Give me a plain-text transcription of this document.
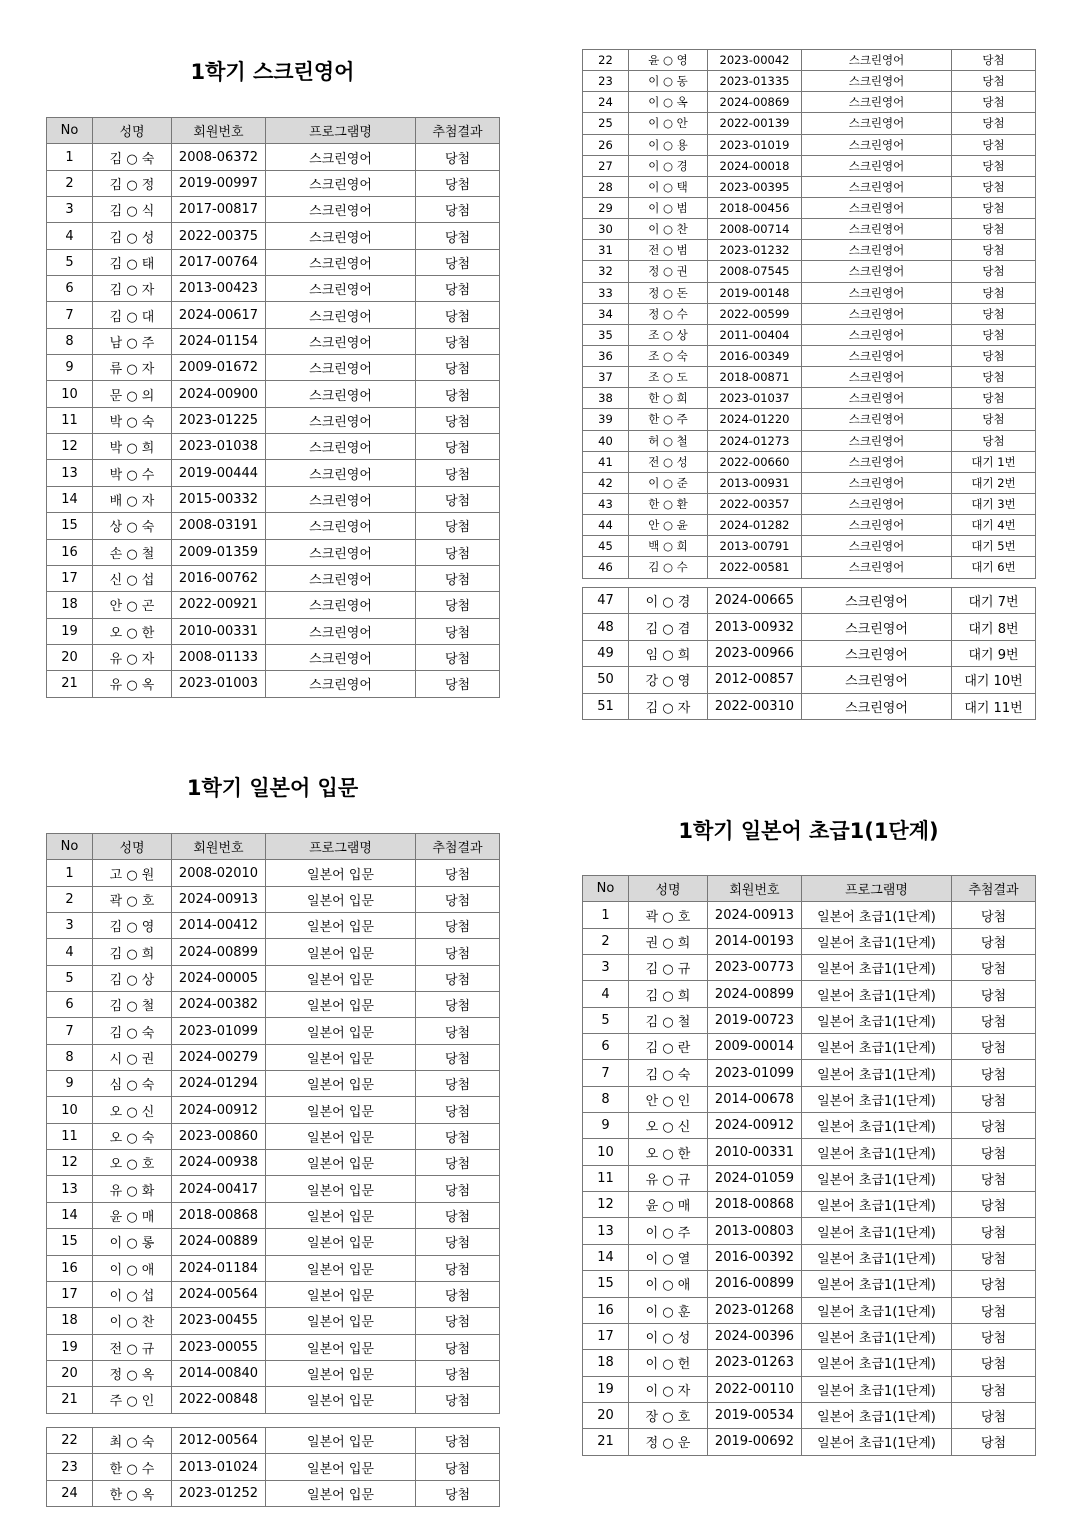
1학기 스크린영어
No	성명	회원번호	프로그램명	추첨결과
1	김 ○ 숙	2008-06372	스크린영어	당첨
2	김 ○ 정	2019-00997	스크린영어	당첨
3	김 ○ 식	2017-00817	스크린영어	당첨
4	김 ○ 성	2022-00375	스크린영어	당첨
5	김 ○ 태	2017-00764	스크린영어	당첨
6	김 ○ 자	2013-00423	스크린영어	당첨
7	김 ○ 대	2024-00617	스크린영어	당첨
8	남 ○ 주	2024-01154	스크린영어	당첨
9	류 ○ 자	2009-01672	스크린영어	당첨
10	문 ○ 의	2024-00900	스크린영어	당첨
11	박 ○ 숙	2023-01225	스크린영어	당첨
12	박 ○ 희	2023-01038	스크린영어	당첨
13	박 ○ 수	2019-00444	스크린영어	당첨
14	배 ○ 자	2015-00332	스크린영어	당첨
15	상 ○ 숙	2008-03191	스크린영어	당첨
16	손 ○ 철	2009-01359	스크린영어	당첨
17	신 ○ 섭	2016-00762	스크린영어	당첨
18	안 ○ 곤	2022-00921	스크린영어	당첨
19	오 ○ 한	2010-00331	스크린영어	당첨
20	유 ○ 자	2008-01133	스크린영어	당첨
21	유 ○ 옥	2023-01003	스크린영어	당첨
22	윤 ○ 영	2023-00042	스크린영어	당첨
23	이 ○ 동	2023-01335	스크린영어	당첨
24	이 ○ 옥	2024-00869	스크린영어	당첨
25	이 ○ 안	2022-00139	스크린영어	당첨
26	이 ○ 용	2023-01019	스크린영어	당첨
27	이 ○ 경	2024-00018	스크린영어	당첨
28	이 ○ 택	2023-00395	스크린영어	당첨
29	이 ○ 범	2018-00456	스크린영어	당첨
30	이 ○ 찬	2008-00714	스크린영어	당첨
31	전 ○ 범	2023-01232	스크린영어	당첨
32	정 ○ 권	2008-07545	스크린영어	당첨
33	정 ○ 돈	2019-00148	스크린영어	당첨
34	정 ○ 수	2022-00599	스크린영어	당첨
35	조 ○ 상	2011-00404	스크린영어	당첨
36	조 ○ 숙	2016-00349	스크린영어	당첨
37	조 ○ 도	2018-00871	스크린영어	당첨
38	한 ○ 희	2023-01037	스크린영어	당첨
39	한 ○ 주	2024-01220	스크린영어	당첨
40	허 ○ 철	2024-01273	스크린영어	당첨
41	전 ○ 성	2022-00660	스크린영어	대기 1번
42	이 ○ 준	2013-00931	스크린영어	대기 2번
43	한 ○ 환	2022-00357	스크린영어	대기 3번
44	안 ○ 윤	2024-01282	스크린영어	대기 4번
45	백 ○ 희	2013-00791	스크린영어	대기 5번
46	김 ○ 수	2022-00581	스크린영어	대기 6번
47	이 ○ 경	2024-00665	스크린영어	대기 7번
48	김 ○ 겸	2013-00932	스크린영어	대기 8번
49	임 ○ 희	2023-00966	스크린영어	대기 9번
50	강 ○ 영	2012-00857	스크린영어	대기 10번
51	김 ○ 자	2022-00310	스크린영어	대기 11번
1학기 일본어 입문
No	성명	회원번호	프로그램명	추첨결과
1	고 ○ 원	2008-02010	일본어 입문	당첨
2	곽 ○ 호	2024-00913	일본어 입문	당첨
3	김 ○ 영	2014-00412	일본어 입문	당첨
4	김 ○ 희	2024-00899	일본어 입문	당첨
5	김 ○ 상	2024-00005	일본어 입문	당첨
6	김 ○ 철	2024-00382	일본어 입문	당첨
7	김 ○ 숙	2023-01099	일본어 입문	당첨
8	시 ○ 권	2024-00279	일본어 입문	당첨
9	심 ○ 숙	2024-01294	일본어 입문	당첨
10	오 ○ 신	2024-00912	일본어 입문	당첨
11	오 ○ 숙	2023-00860	일본어 입문	당첨
12	오 ○ 호	2024-00938	일본어 입문	당첨
13	유 ○ 화	2024-00417	일본어 입문	당첨
14	윤 ○ 매	2018-00868	일본어 입문	당첨
15	이 ○ 롱	2024-00889	일본어 입문	당첨
16	이 ○ 애	2024-01184	일본어 입문	당첨
17	이 ○ 섭	2024-00564	일본어 입문	당첨
18	이 ○ 찬	2023-00455	일본어 입문	당첨
19	전 ○ 규	2023-00055	일본어 입문	당첨
20	정 ○ 옥	2014-00840	일본어 입문	당첨
21	주 ○ 인	2022-00848	일본어 입문	당첨
22	최 ○ 숙	2012-00564	일본어 입문	당첨
23	한 ○ 수	2013-01024	일본어 입문	당첨
24	한 ○ 옥	2023-01252	일본어 입문	당첨
1학기 일본어 초급1(1단계)
No	성명	회원번호	프로그램명	추첨결과
1	곽 ○ 호	2024-00913	일본어 초급1(1단계)	당첨
2	권 ○ 희	2014-00193	일본어 초급1(1단계)	당첨
3	김 ○ 규	2023-00773	일본어 초급1(1단계)	당첨
4	김 ○ 희	2024-00899	일본어 초급1(1단계)	당첨
5	김 ○ 철	2019-00723	일본어 초급1(1단계)	당첨
6	김 ○ 란	2009-00014	일본어 초급1(1단계)	당첨
7	김 ○ 숙	2023-01099	일본어 초급1(1단계)	당첨
8	안 ○ 인	2014-00678	일본어 초급1(1단계)	당첨
9	오 ○ 신	2024-00912	일본어 초급1(1단계)	당첨
10	오 ○ 한	2010-00331	일본어 초급1(1단계)	당첨
11	유 ○ 규	2024-01059	일본어 초급1(1단계)	당첨
12	윤 ○ 매	2018-00868	일본어 초급1(1단계)	당첨
13	이 ○ 주	2013-00803	일본어 초급1(1단계)	당첨
14	이 ○ 열	2016-00392	일본어 초급1(1단계)	당첨
15	이 ○ 애	2016-00899	일본어 초급1(1단계)	당첨
16	이 ○ 훈	2023-01268	일본어 초급1(1단계)	당첨
17	이 ○ 성	2024-00396	일본어 초급1(1단계)	당첨
18	이 ○ 헌	2023-01263	일본어 초급1(1단계)	당첨
19	이 ○ 자	2022-00110	일본어 초급1(1단계)	당첨
20	장 ○ 호	2019-00534	일본어 초급1(1단계)	당첨
21	정 ○ 운	2019-00692	일본어 초급1(1단계)	당첨
